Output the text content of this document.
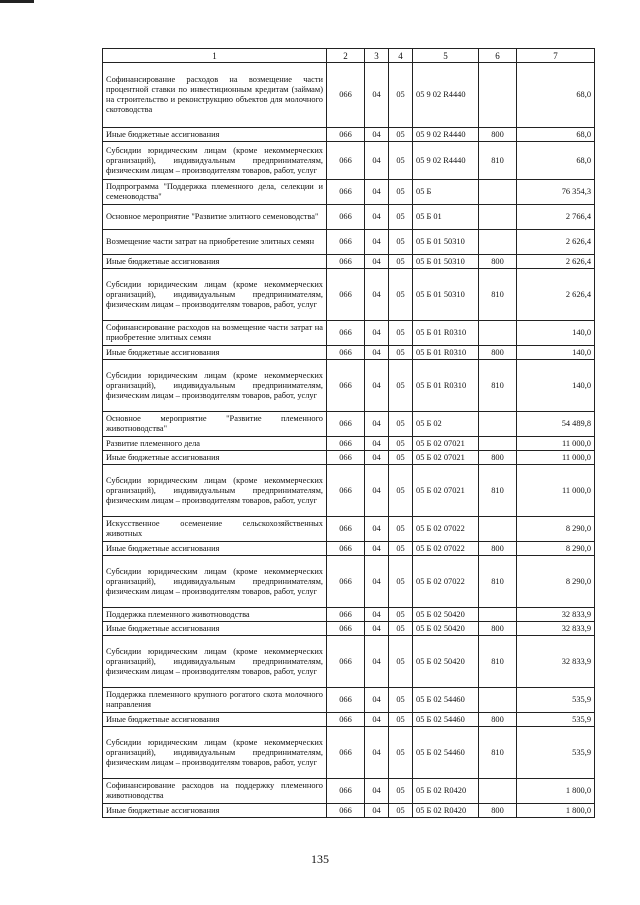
1	2	3	4	5	6	7
Софинансирование расходов на возмещение части процентной ставки по инвестиционным кредитам (займам) на строительство и реконструкцию объектов для молочного скотоводства	066	04	05	05 9 02 R4440		68,0
Иные бюджетные ассигнования	066	04	05	05 9 02 R4440	800	68,0
Субсидии юридическим лицам (кроме некоммерческих организаций), индивидуальным предпринимателям, физическим лицам – производителям товаров, работ, услуг	066	04	05	05 9 02 R4440	810	68,0
Подпрограмма "Поддержка племенного дела, селекции и семеноводства"	066	04	05	05 Б		76 354,3
Основное мероприятие "Развитие элитного семеноводства"	066	04	05	05 Б 01		2 766,4
Возмещение части затрат на приобретение элитных семян	066	04	05	05 Б 01 50310		2 626,4
Иные бюджетные ассигнования	066	04	05	05 Б 01 50310	800	2 626,4
Субсидии юридическим лицам (кроме некоммерческих организаций), индивидуальным предпринимателям, физическим лицам – производителям товаров, работ, услуг	066	04	05	05 Б 01 50310	810	2 626,4
Софинансирование расходов на возмещение части затрат на приобретение элитных семян	066	04	05	05 Б 01 R0310		140,0
Иные бюджетные ассигнования	066	04	05	05 Б 01 R0310	800	140,0
Субсидии юридическим лицам (кроме некоммерческих организаций), индивидуальным предпринимателям, физическим лицам – производителям товаров, работ, услуг	066	04	05	05 Б 01 R0310	810	140,0
Основное мероприятие "Развитие племенного животноводства"	066	04	05	05 Б 02		54 489,8
Развитие племенного дела	066	04	05	05 Б 02 07021		11 000,0
Иные бюджетные ассигнования	066	04	05	05 Б 02 07021	800	11 000,0
Субсидии юридическим лицам (кроме некоммерческих организаций), индивидуальным предпринимателям, физическим лицам – производителям товаров, работ, услуг	066	04	05	05 Б 02 07021	810	11 000,0
Искусственное осеменение сельскохозяйственных животных	066	04	05	05 Б 02 07022		8 290,0
Иные бюджетные ассигнования	066	04	05	05 Б 02 07022	800	8 290,0
Субсидии юридическим лицам (кроме некоммерческих организаций), индивидуальным предпринимателям, физическим лицам – производителям товаров, работ, услуг	066	04	05	05 Б 02 07022	810	8 290,0
Поддержка племенного животноводства	066	04	05	05 Б 02 50420		32 833,9
Иные бюджетные ассигнования	066	04	05	05 Б 02 50420	800	32 833,9
Субсидии юридическим лицам (кроме некоммерческих организаций), индивидуальным предпринимателям, физическим лицам – производителям товаров, работ, услуг	066	04	05	05 Б 02 50420	810	32 833,9
Поддержка племенного крупного рогатого скота молочного направления	066	04	05	05 Б 02 54460		535,9
Иные бюджетные ассигнования	066	04	05	05 Б 02 54460	800	535,9
Субсидии юридическим лицам (кроме некоммерческих организаций), индивидуальным предпринимателям, физическим лицам – производителям товаров, работ, услуг	066	04	05	05 Б 02 54460	810	535,9
Софинансирование расходов на поддержку племенного животноводства	066	04	05	05 Б 02 R0420		1 800,0
Иные бюджетные ассигнования	066	04	05	05 Б 02 R0420	800	1 800,0
135
